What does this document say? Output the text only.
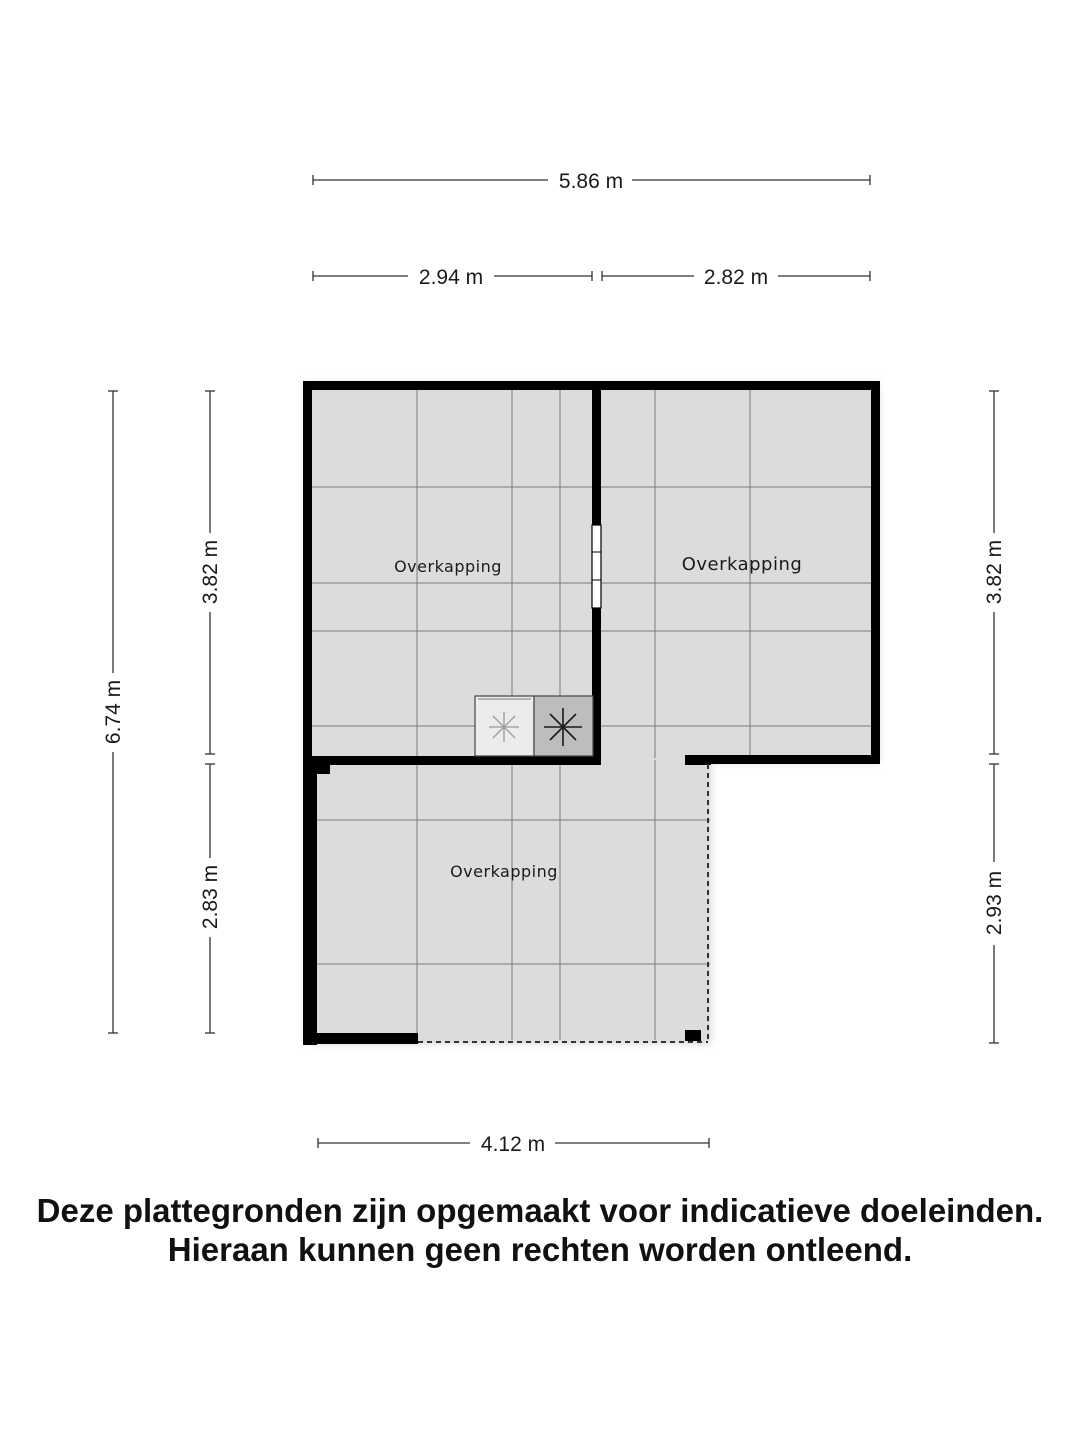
Overkapping	Overkapping
Overkapping
5.86 m
2.94 m	2.82 m
6.74 m
3.82 m
2.83 m
3.82 m
2.93 m
4.12 m
Deze plattegronden zijn opgemaakt voor indicatieve doeleinden.
Hieraan kunnen geen rechten worden ontleend.
